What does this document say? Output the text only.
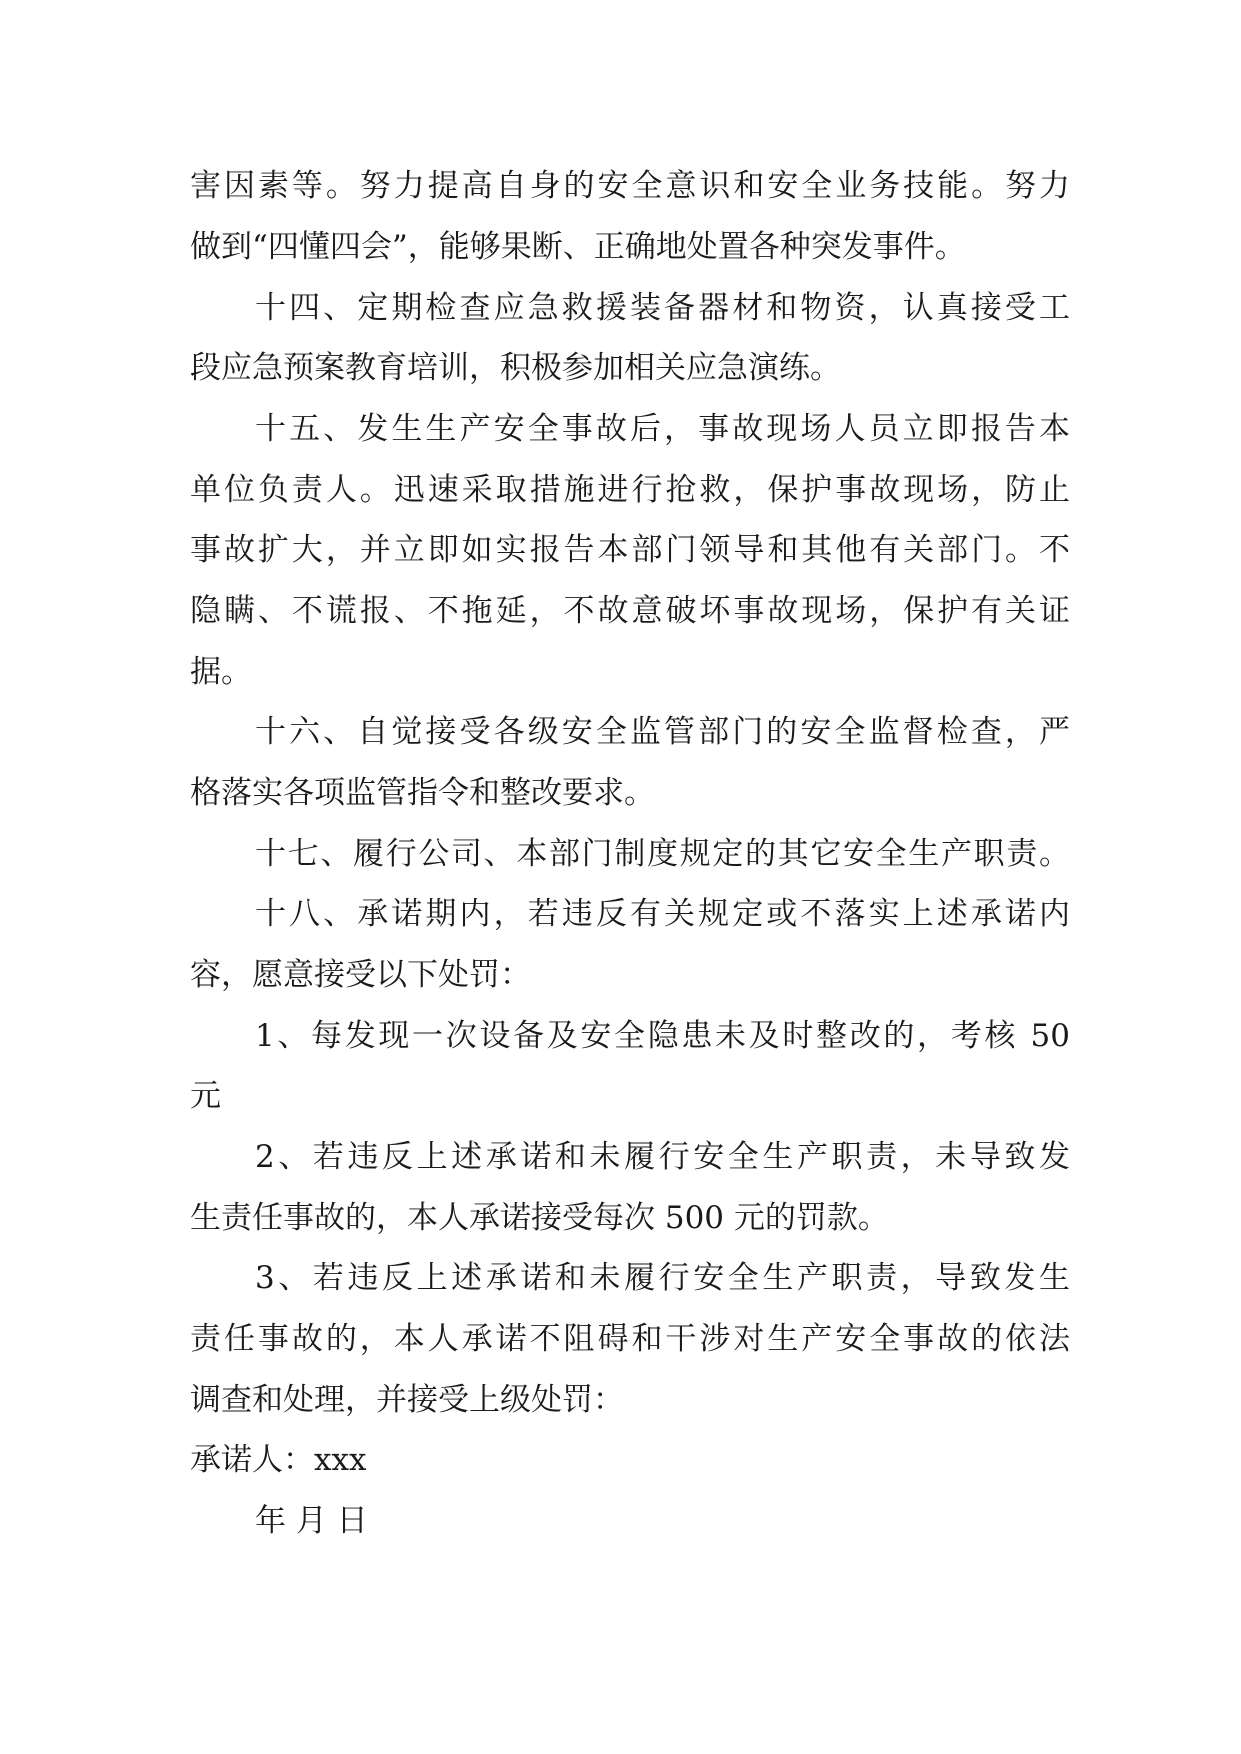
害因素等。努力提高自身的安全意识和安全业务技能。努力
做到“四懂四会”，能够果断、正确地处置各种突发事件。
十四、定期检查应急救援装备器材和物资，认真接受工
段应急预案教育培训，积极参加相关应急演练。
十五、发生生产安全事故后，事故现场人员立即报告本
单位负责人。迅速采取措施进行抢救，保护事故现场，防止
事故扩大，并立即如实报告本部门领导和其他有关部门。不
隐瞒、不谎报、不拖延，不故意破坏事故现场，保护有关证
据。
十六、自觉接受各级安全监管部门的安全监督检查，严
格落实各项监管指令和整改要求。
十七、履行公司、本部门制度规定的其它安全生产职责。
十八、承诺期内，若违反有关规定或不落实上述承诺内
容，愿意接受以下处罚：
1、每发现一次设备及安全隐患未及时整改的，考核 50
元
2、若违反上述承诺和未履行安全生产职责，未导致发
生责任事故的，本人承诺接受每次 500 元的罚款。
3、若违反上述承诺和未履行安全生产职责，导致发生
责任事故的，本人承诺不阻碍和干涉对生产安全事故的依法
调查和处理，并接受上级处罚：
承诺人：xxx
年 月 日
